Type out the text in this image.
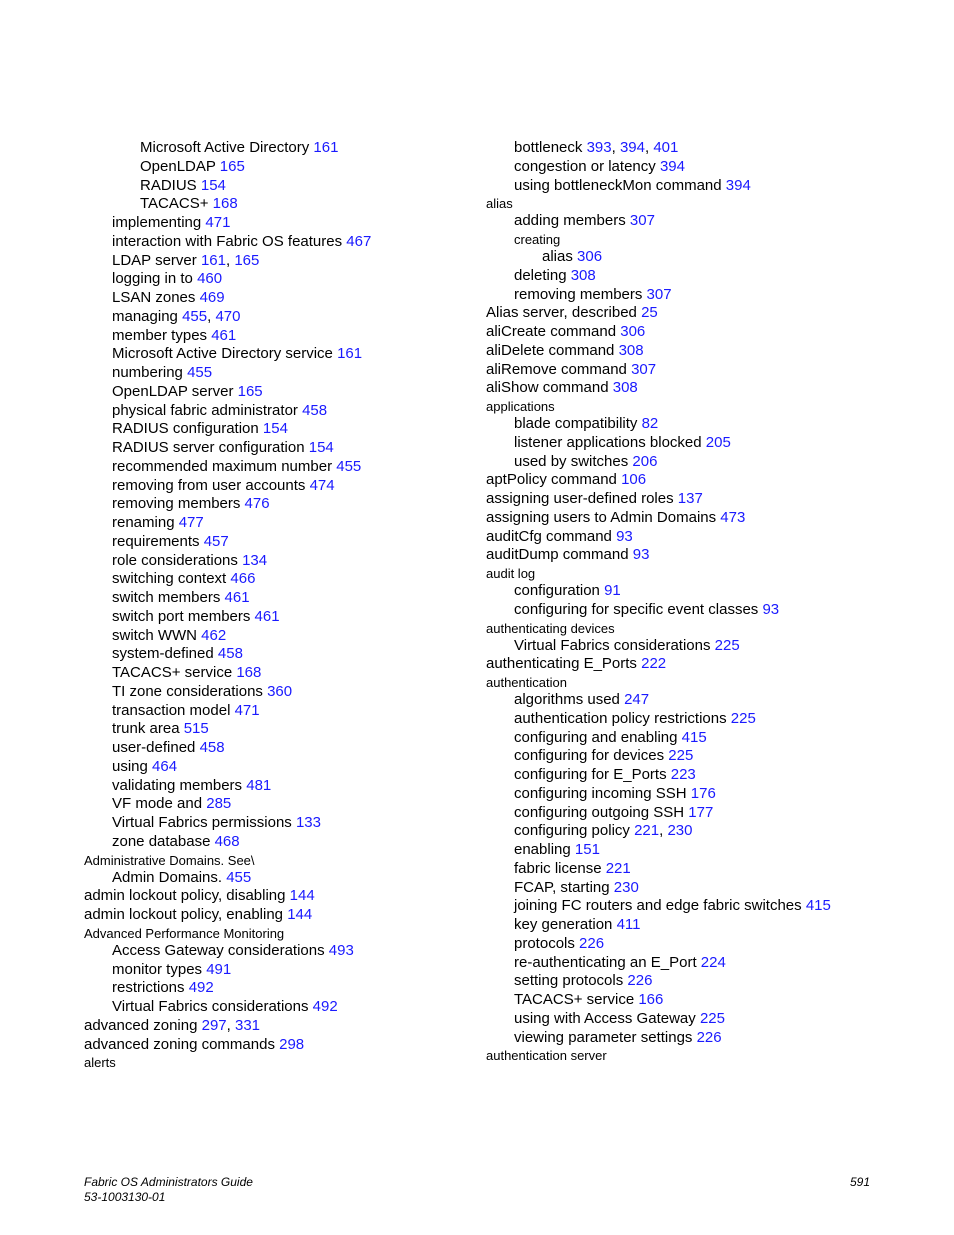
Microsoft Active Directory 161
OpenLDAP 165
RADIUS 154
TACACS+ 168
implementing 471
interaction with Fabric OS features 467
LDAP server 161, 165
logging in to 460
LSAN zones 469
managing 455, 470
member types 461
Microsoft Active Directory service 161
numbering 455
OpenLDAP server 165
physical fabric administrator 458
RADIUS configuration 154
RADIUS server configuration 154
recommended maximum number 455
removing from user accounts 474
removing members 476
renaming 477
requirements 457
role considerations 134
switching context 466
switch members 461
switch port members 461
switch WWN 462
system-defined 458
TACACS+ service 168
TI zone considerations 360
transaction model 471
trunk area 515
user-defined 458
using 464
validating members 481
VF mode and 285
Virtual Fabrics permissions 133
zone database 468
Administrative Domains. See\
Admin Domains. 455
admin lockout policy, disabling 144
admin lockout policy, enabling 144
Advanced Performance Monitoring
Access Gateway considerations 493
monitor types 491
restrictions 492
Virtual Fabrics considerations 492
advanced zoning 297, 331
advanced zoning commands 298
alerts
bottleneck 393, 394, 401
congestion or latency 394
using bottleneckMon command 394
alias
adding members 307
creating
alias 306
deleting 308
removing members 307
Alias server, described 25
aliCreate command 306
aliDelete command 308
aliRemove command 307
aliShow command 308
applications
blade compatibility 82
listener applications blocked 205
used by switches 206
aptPolicy command 106
assigning user-defined roles 137
assigning users to Admin Domains 473
auditCfg command 93
auditDump command 93
audit log
configuration 91
configuring for specific event classes 93
authenticating devices
Virtual Fabrics considerations 225
authenticating E_Ports 222
authentication
algorithms used 247
authentication policy restrictions 225
configuring and enabling 415
configuring for devices 225
configuring for E_Ports 223
configuring incoming SSH 176
configuring outgoing SSH 177
configuring policy 221, 230
enabling 151
fabric license 221
FCAP, starting 230
joining FC routers and edge fabric switches 415
key generation 411
protocols 226
re-authenticating an E_Port 224
setting protocols 226
TACACS+ service 166
using with Access Gateway 225
viewing parameter settings 226
authentication server
Fabric OS Administrators Guide
53-1003130-01
591
